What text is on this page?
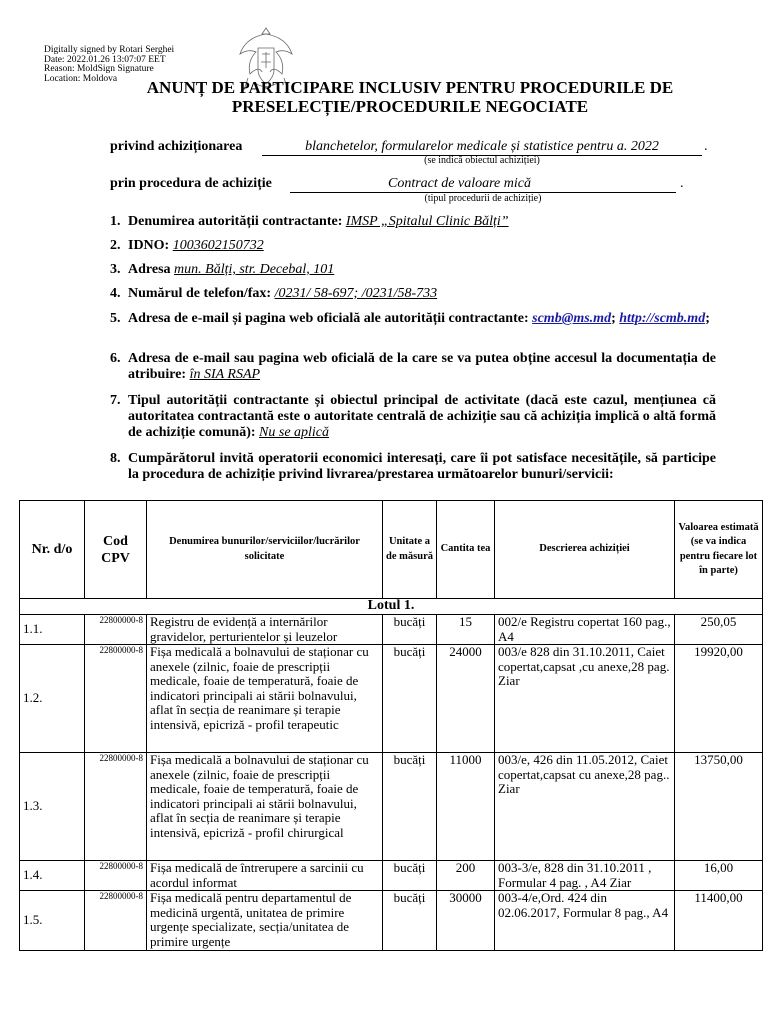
Digitally signed by Rotari Serghei
Date: 2022.01.26 13:07:07 EET
Reason: MoldSign Signature
Location: Moldova	ANUNȚ DE PARTICIPARE INCLUSIV PENTRU PROCEDURILE DE
PRESELECȚIE/PROCEDURILE NEGOCIATE
privind achiziționarea	blanchetelor, formularelor medicale și statistice pentru a. 2022	.
(se indică obiectul achiziției)
prin procedura de achiziție	Contract de valoare mică	.
(tipul procedurii de achiziție)
1. Denumirea autorității contractante: IMSP „Spitalul Clinic Bălți”
2. IDNO: 1003602150732
3. Adresa mun. Bălți, str. Decebal, 101
4. Numărul de telefon/fax: /0231/ 58-697; /0231/58-733
5. Adresa de e-mail și pagina web oficială ale autorității contractante: scmb@ms.md; http://scmb.md;
6. Adresa de e-mail sau pagina web oficială de la care se va putea obține accesul la documentația de atribuire: în SIA RSAP
7. Tipul autorității contractante și obiectul principal de activitate (dacă este cazul, mențiunea că autoritatea contractantă este o autoritate centrală de achiziție sau că achiziția implică o altă formă de achiziție comună): Nu se aplică
8. Cumpărătorul invită operatorii economici interesați, care îi pot satisface necesitățile, să participe la procedura de achiziție privind livrarea/prestarea următoarelor bunuri/servicii:
Nr. d/o	Cod CPV	Denumirea bunurilor/serviciilor/lucrărilor solicitate	Unitate a de măsură	Cantita tea	Descrierea achiziției	Valoarea estimată (se va indica pentru fiecare lot în parte)
Lotul 1.						
1.1.	22800000-8	Registru de evidență a internărilor gravidelor, perturientelor și leuzelor	bucăți	15	002/e Registru copertat 160 pag., A4	250,05
1.2.	22800000-8	Fișa medicală a bolnavului de staționar cu anexele (zilnic, foaie de prescripții medicale, foaie de temperatură, foaie de indicatori principali ai stării bolnavului, aflat în secția de reanimare și terapie intensivă, epicriză - profil terapeutic	bucăți	24000	003/e 828 din 31.10.2011, Caiet copertat,capsat ,cu anexe,28 pag. Ziar	19920,00
1.3.	22800000-8	Fișa medicală a bolnavului de staționar cu anexele (zilnic, foaie de prescripții medicale, foaie de temperatură, foaie de indicatori principali ai stării bolnavului, aflat în secția de reanimare și terapie intensivă, epicriză - profil chirurgical	bucăți	11000	003/e, 426 din 11.05.2012, Caiet copertat,capsat cu anexe,28 pag.. Ziar	13750,00
1.4.	22800000-8	Fișa medicală de întrerupere a sarcinii cu acordul informat	bucăți	200	003-3/e, 828 din 31.10.2011 , Formular 4 pag. , A4 Ziar	16,00
1.5.	22800000-8	Fișa medicală pentru departamentul de medicină urgentă, unitatea de primire urgențe specializate, secția/unitatea de primire urgențe	bucăți	30000	003-4/e,Ord. 424 din 02.06.2017, Formular 8 pag., A4	11400,00
